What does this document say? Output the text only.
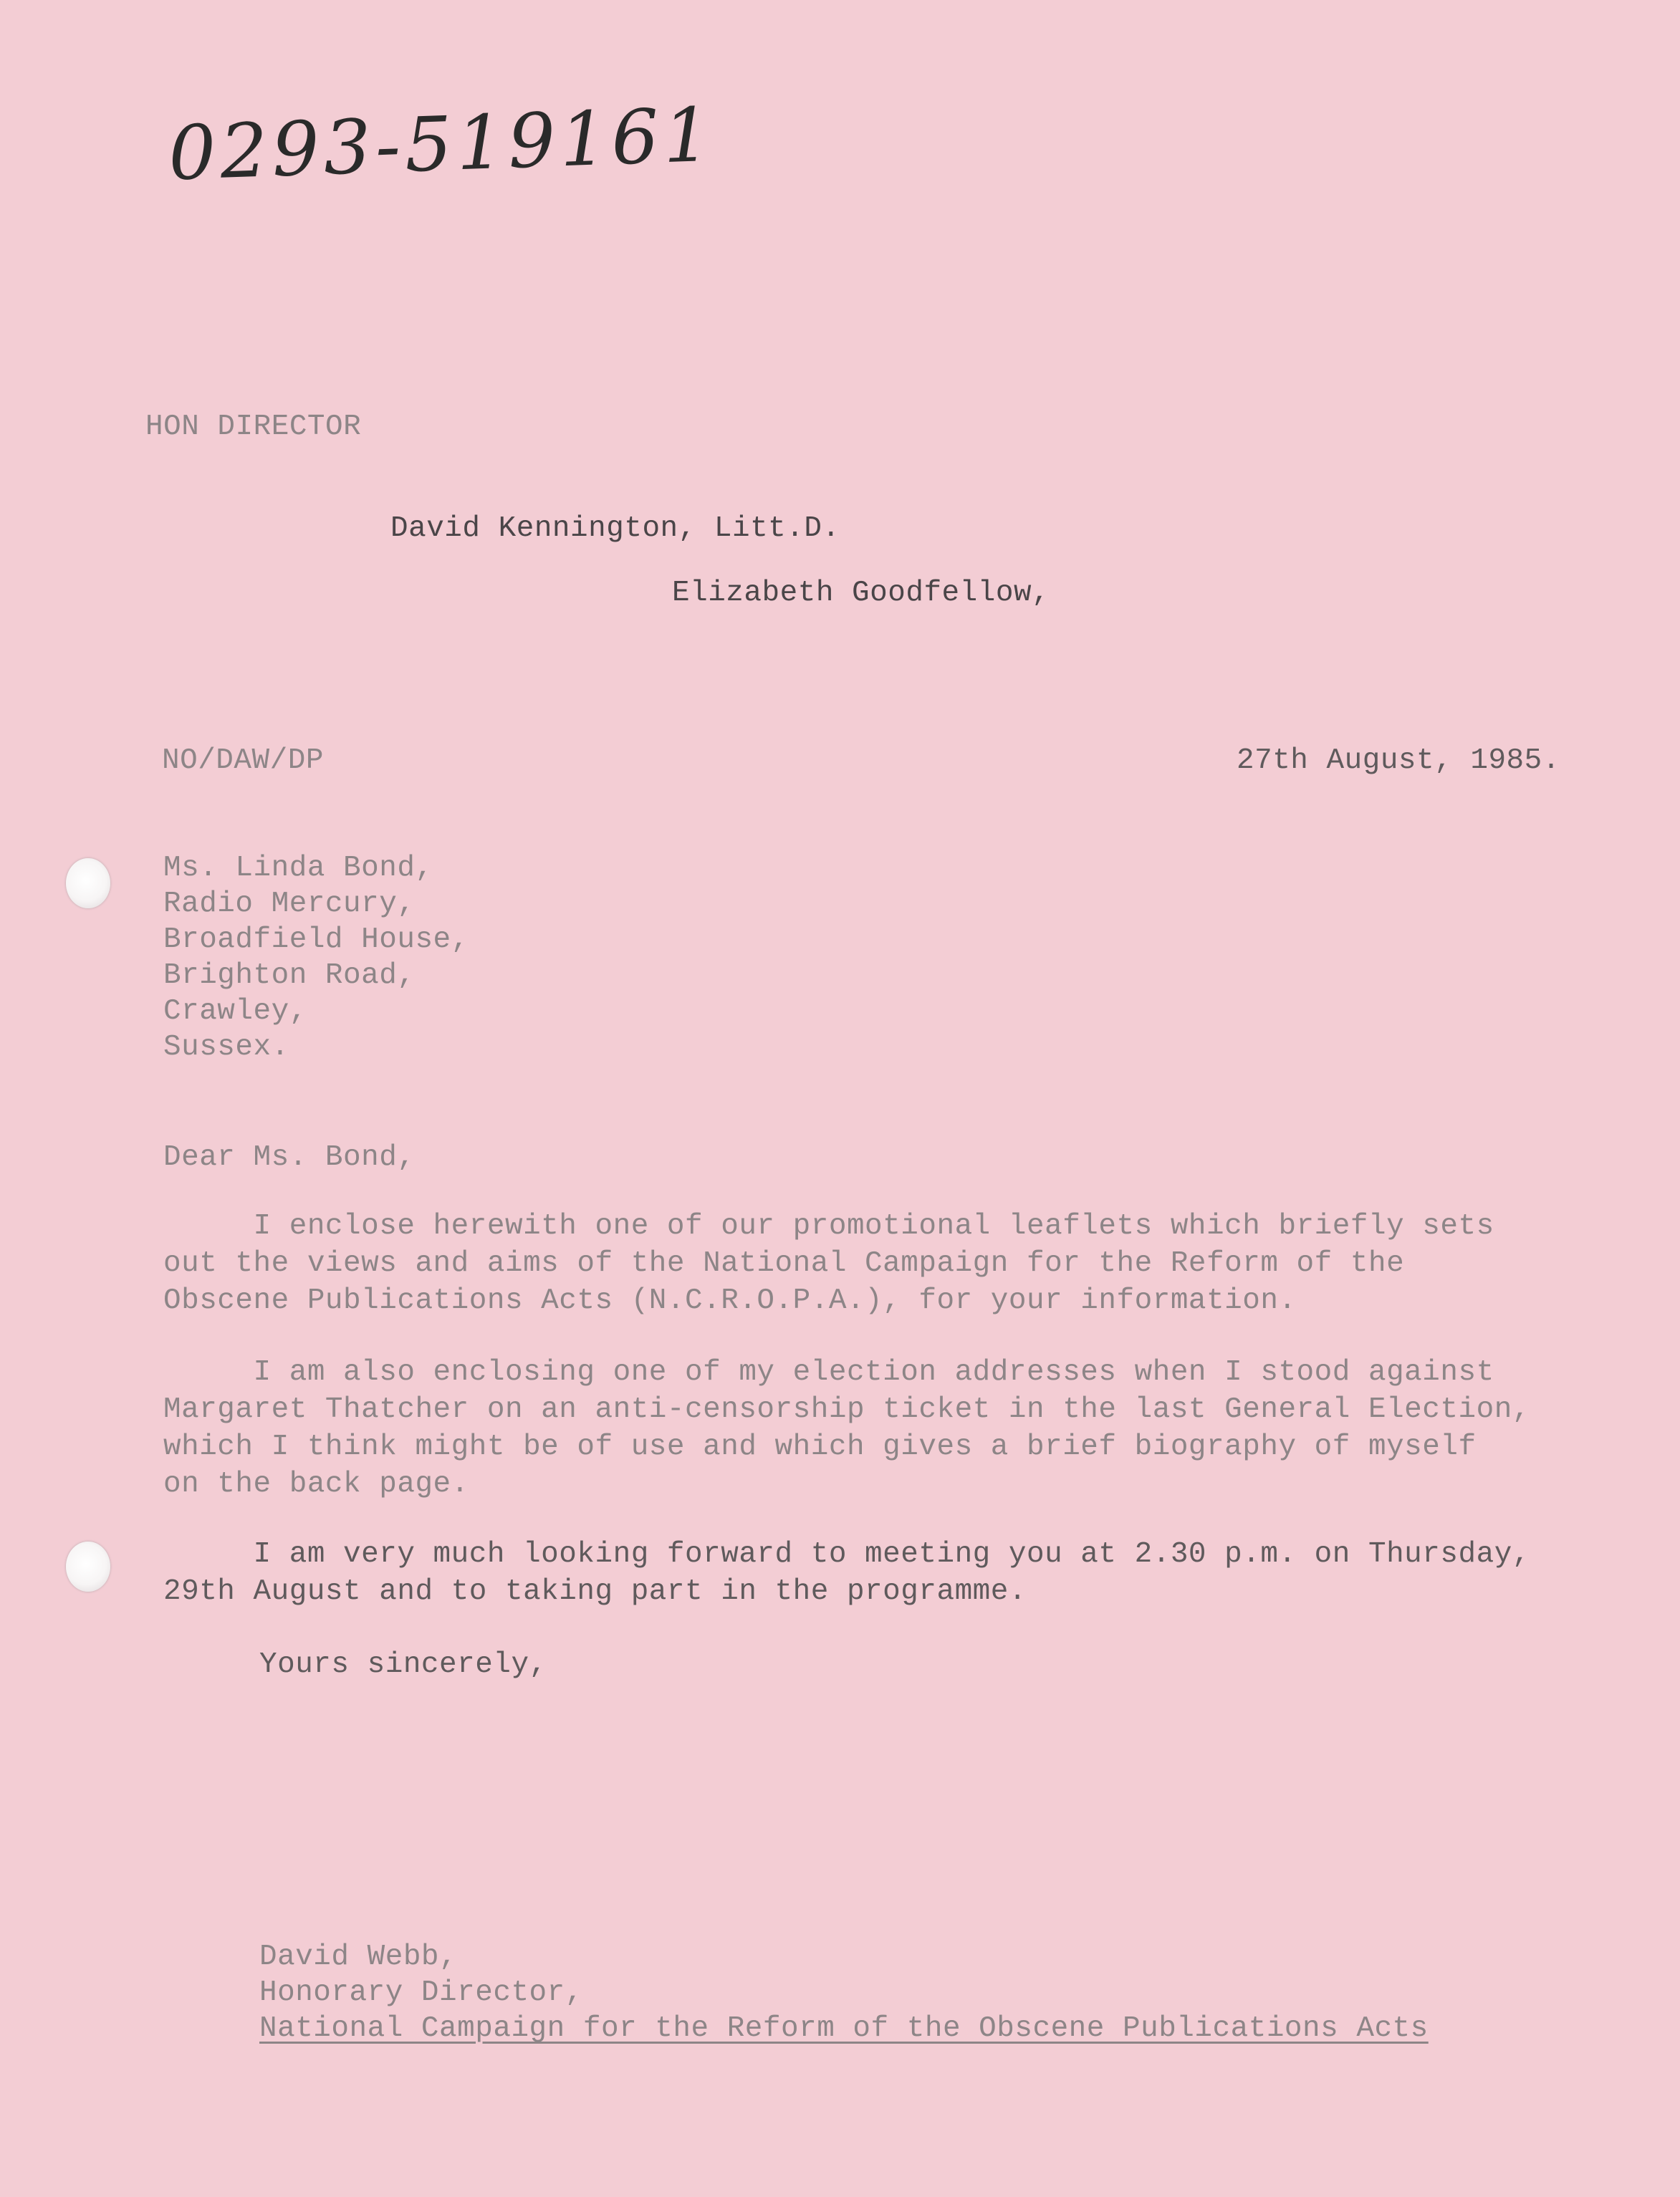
0293-519161
HON DIRECTOR
David Kennington, Litt.D.
Elizabeth Goodfellow,
NO/DAW/DP	27th August, 1985.
Ms. Linda Bond,
Radio Mercury,
Broadfield House,
Brighton Road,
Crawley,
Sussex.
Dear Ms. Bond,
I enclose herewith one of our promotional leaflets which briefly sets
out the views and aims of the National Campaign for the Reform of the
Obscene Publications Acts (N.C.R.O.P.A.), for your information.
I am also enclosing one of my election addresses when I stood against
Margaret Thatcher on an anti-censorship ticket in the last General Election,
which I think might be of use and which gives a brief biography of myself
on the back page.
I am very much looking forward to meeting you at 2.30 p.m. on Thursday,
29th August and to taking part in the programme.
Yours sincerely,
David Webb,
Honorary Director,
National Campaign for the Reform of the Obscene Publications Acts
